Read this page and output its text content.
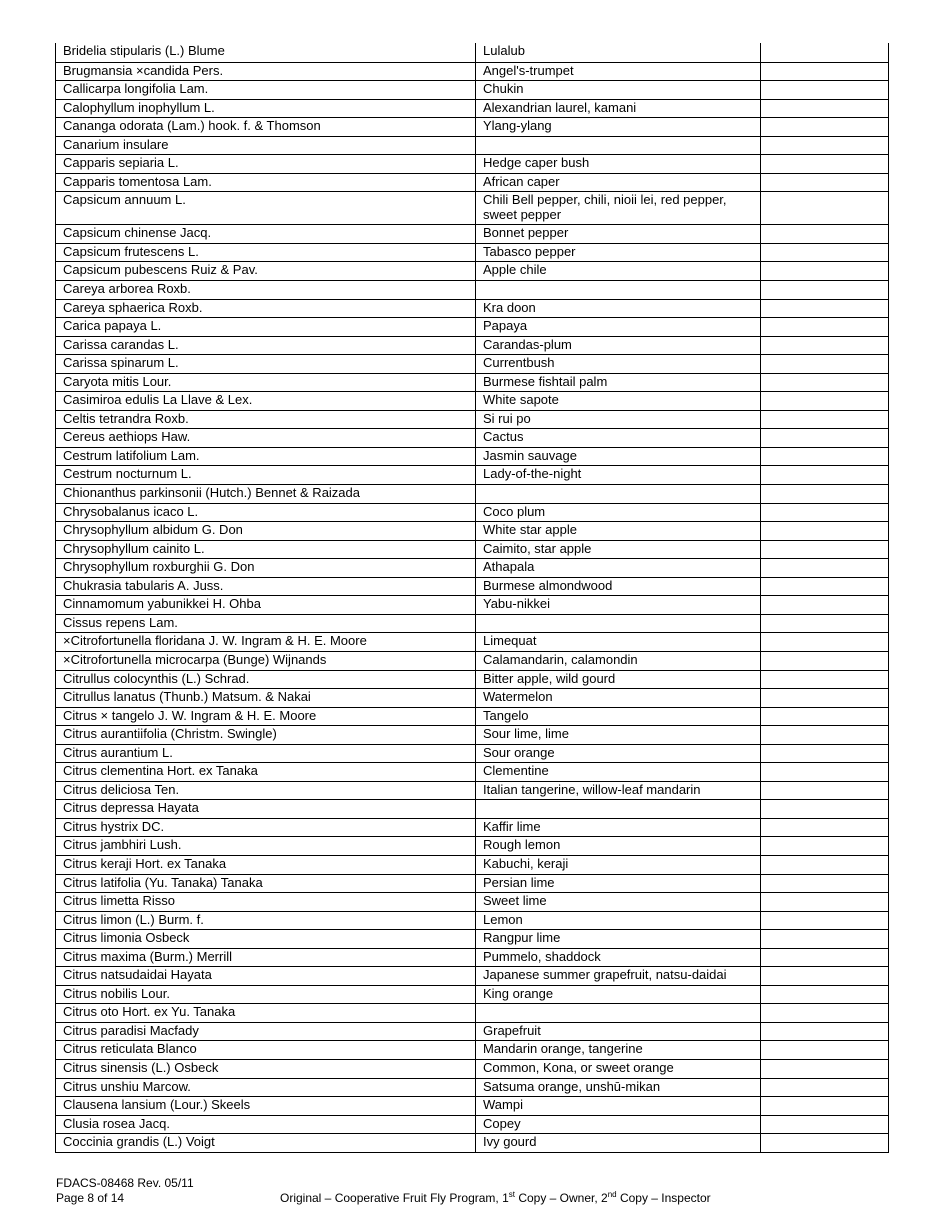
Bridelia stipularis (L.) Blume	Lulalub
Brugmansia ×candida Pers.	Angel's-trumpet
Callicarpa longifolia Lam.	Chukin
Calophyllum inophyllum L.	Alexandrian laurel, kamani
Cananga odorata (Lam.) hook. f. & Thomson	Ylang-ylang
Canarium insulare
Capparis sepiaria L.	Hedge caper bush
Capparis tomentosa Lam.	African caper
Capsicum annuum L.	Chili Bell pepper, chili, nioii lei, red pepper, sweet pepper
Capsicum chinense Jacq.	Bonnet pepper
Capsicum frutescens L.	Tabasco pepper
Capsicum pubescens Ruiz & Pav.	Apple chile
Careya arborea Roxb.
Careya sphaerica Roxb.	Kra doon
Carica papaya L.	Papaya
Carissa carandas L.	Carandas-plum
Carissa spinarum L.	Currentbush
Caryota mitis Lour.	Burmese fishtail palm
Casimiroa edulis La Llave & Lex.	White sapote
Celtis tetrandra Roxb.	Si rui po
Cereus aethiops Haw.	Cactus
Cestrum latifolium Lam.	Jasmin sauvage
Cestrum nocturnum L.	Lady-of-the-night
Chionanthus parkinsonii (Hutch.) Bennet & Raizada
Chrysobalanus icaco L.	Coco plum
Chrysophyllum albidum G. Don	White star apple
Chrysophyllum cainito L.	Caimito, star apple
Chrysophyllum roxburghii G. Don	Athapala
Chukrasia tabularis A. Juss.	Burmese almondwood
Cinnamomum yabunikkei H. Ohba	Yabu-nikkei
Cissus repens Lam.
×Citrofortunella floridana J. W. Ingram & H. E. Moore	Limequat
×Citrofortunella microcarpa (Bunge) Wijnands	Calamandarin, calamondin
Citrullus colocynthis (L.) Schrad.	Bitter apple, wild gourd
Citrullus lanatus (Thunb.) Matsum. & Nakai	Watermelon
Citrus × tangelo J. W. Ingram & H. E. Moore	Tangelo
Citrus aurantiifolia (Christm. Swingle)	Sour lime, lime
Citrus aurantium L.	Sour orange
Citrus clementina Hort. ex Tanaka	Clementine
Citrus deliciosa Ten.	Italian tangerine, willow-leaf mandarin
Citrus depressa Hayata
Citrus hystrix DC.	Kaffir lime
Citrus jambhiri Lush.	Rough lemon
Citrus keraji Hort. ex Tanaka	Kabuchi, keraji
Citrus latifolia (Yu. Tanaka) Tanaka	Persian lime
Citrus limetta Risso	Sweet lime
Citrus limon (L.) Burm. f.	Lemon
Citrus limonia Osbeck	Rangpur lime
Citrus maxima (Burm.) Merrill	Pummelo, shaddock
Citrus natsudaidai Hayata	Japanese summer grapefruit, natsu-daidai
Citrus nobilis Lour.	King orange
Citrus oto Hort. ex Yu. Tanaka
Citrus paradisi Macfady	Grapefruit
Citrus reticulata Blanco	Mandarin orange, tangerine
Citrus sinensis (L.) Osbeck	Common, Kona, or sweet orange
Citrus unshiu Marcow.	Satsuma orange, unshū-mikan
Clausena lansium (Lour.) Skeels	Wampi
Clusia rosea Jacq.	Copey
Coccinia grandis (L.) Voigt	Ivy gourd
FDACS-08468 Rev. 05/11
Page 8 of 14	Original – Cooperative Fruit Fly Program, 1st Copy – Owner, 2nd Copy – Inspector
